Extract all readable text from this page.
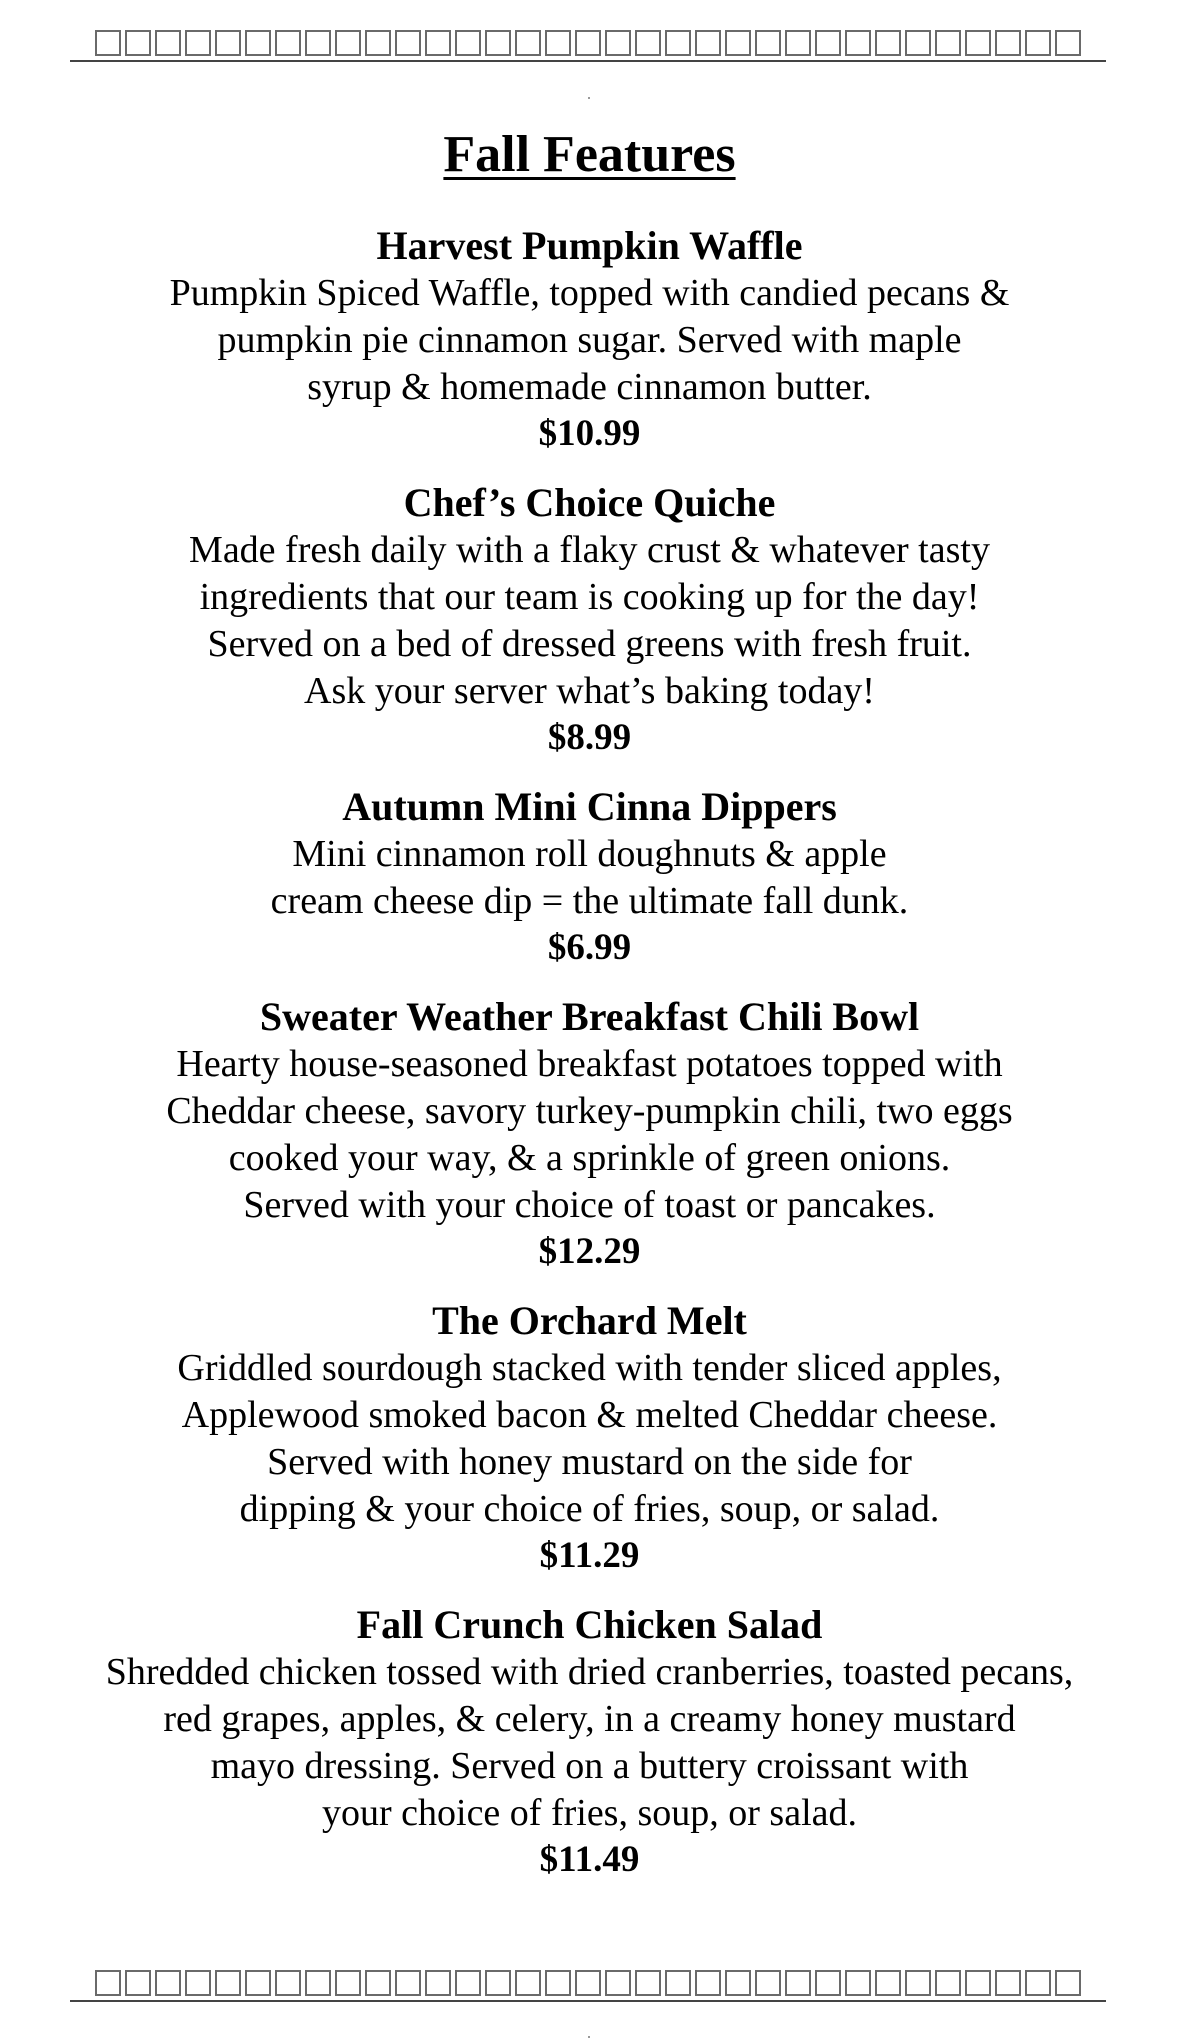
Fall Features
Harvest Pumpkin Waffle
Pumpkin Spiced Waffle, topped with candied pecans &
pumpkin pie cinnamon sugar. Served with maple
syrup & homemade cinnamon butter.
$10.99
Chef’s Choice Quiche
Made fresh daily with a flaky crust & whatever tasty
ingredients that our team is cooking up for the day!
Served on a bed of dressed greens with fresh fruit.
Ask your server what’s baking today!
$8.99
Autumn Mini Cinna Dippers
Mini cinnamon roll doughnuts & apple
cream cheese dip = the ultimate fall dunk.
$6.99
Sweater Weather Breakfast Chili Bowl
Hearty house-seasoned breakfast potatoes topped with
Cheddar cheese, savory turkey-pumpkin chili, two eggs
cooked your way, & a sprinkle of green onions.
Served with your choice of toast or pancakes.
$12.29
The Orchard Melt
Griddled sourdough stacked with tender sliced apples,
Applewood smoked bacon & melted Cheddar cheese.
Served with honey mustard on the side for
dipping & your choice of fries, soup, or salad.
$11.29
Fall Crunch Chicken Salad
Shredded chicken tossed with dried cranberries, toasted pecans,
red grapes, apples, & celery, in a creamy honey mustard
mayo dressing. Served on a buttery croissant with
your choice of fries, soup, or salad.
$11.49
